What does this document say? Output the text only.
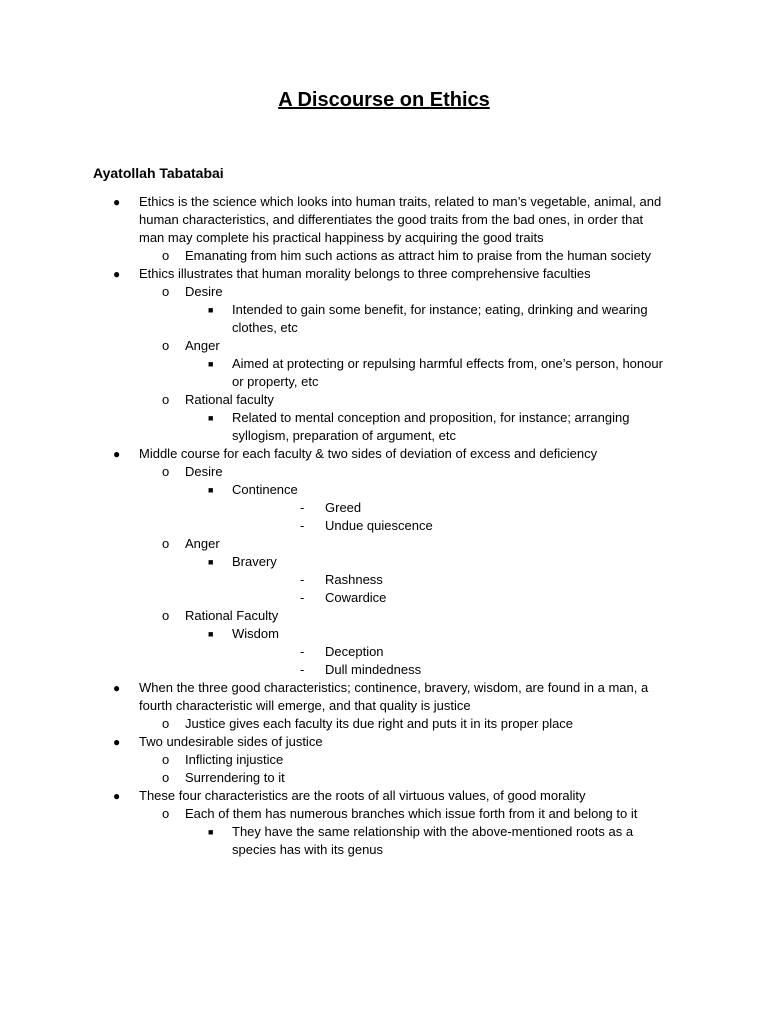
A Discourse on Ethics
Ayatollah Tabatabai
● Ethics is the science which looks into human traits, related to man’s vegetable, animal, and human characteristics, and differentiates the good traits from the bad ones, in order that man may complete his practical happiness by acquiring the good traits
o Emanating from him such actions as attract him to praise from the human society
● Ethics illustrates that human morality belongs to three comprehensive faculties
o Desire
■ Intended to gain some benefit, for instance; eating, drinking and wearing clothes, etc
o Anger
■ Aimed at protecting or repulsing harmful effects from, one’s person, honour or property, etc
o Rational faculty
■ Related to mental conception and proposition, for instance; arranging syllogism, preparation of argument, etc
● Middle course for each faculty & two sides of deviation of excess and deficiency
o Desire
■ Continence
- Greed
- Undue quiescence
o Anger
■ Bravery
- Rashness
- Cowardice
o Rational Faculty
■ Wisdom
- Deception
- Dull mindedness
● When the three good characteristics; continence, bravery, wisdom, are found in a man, a fourth characteristic will emerge, and that quality is justice
o Justice gives each faculty its due right and puts it in its proper place
● Two undesirable sides of justice
o Inflicting injustice
o Surrendering to it
● These four characteristics are the roots of all virtuous values, of good morality
o Each of them has numerous branches which issue forth from it and belong to it
■ They have the same relationship with the above-mentioned roots as a species has with its genus
